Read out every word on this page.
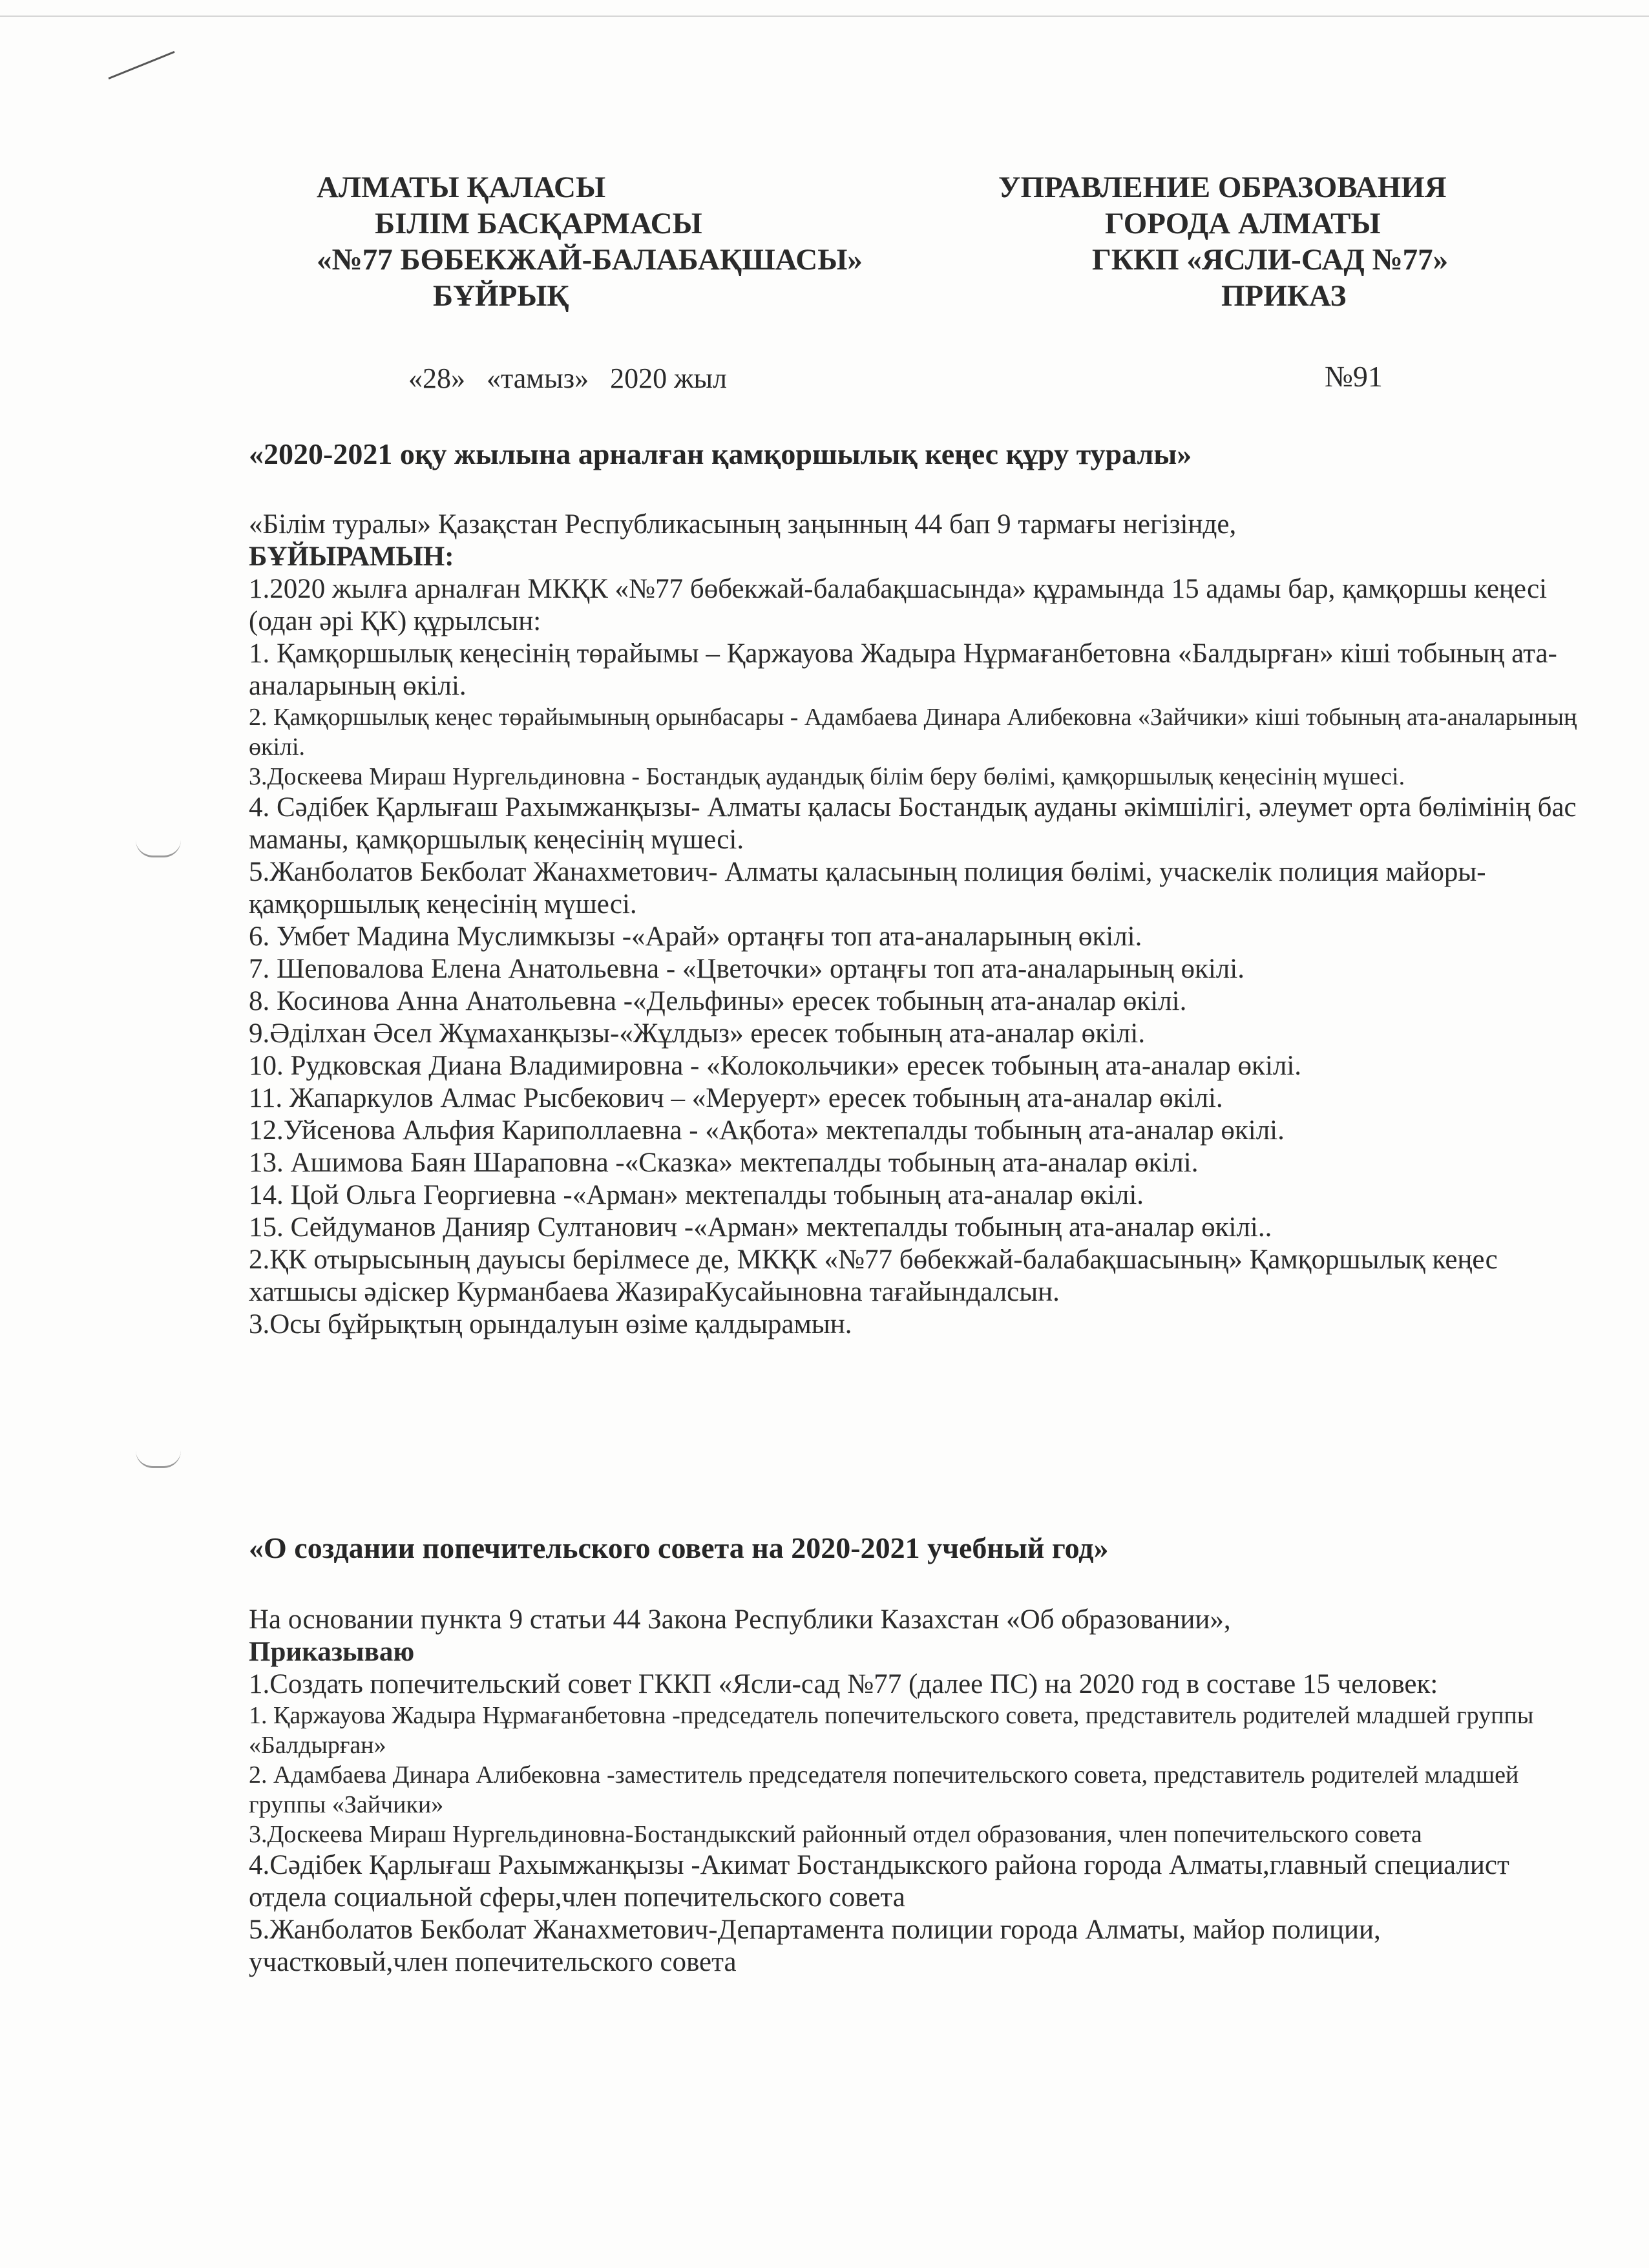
АЛМАТЫ ҚАЛАСЫ
БІЛІМ БАСҚАРМАСЫ
«№77 БӨБЕКЖАЙ-БАЛАБАҚШАСЫ»
БҰЙРЫҚ
УПРАВЛЕНИЕ ОБРАЗОВАНИЯ
ГОРОДА АЛМАТЫ
ГККП «ЯСЛИ-САД №77»
ПРИКАЗ
«28»   «тамыз»   2020 жыл	№91
«2020-2021 оқу жылына арналған қамқоршылық кеңес құру туралы»
«Білім туралы» Қазақстан Республикасының заңынның 44 бап 9 тармағы негізінде,
БҰЙЫРАМЫН:
1.2020 жылға арналған МКҚК «№77 бөбекжай-балабақшасында» құрамында 15 адамы бар, қамқоршы кеңесі (одан әрі ҚК) құрылсын:
1. Қамқоршылық кеңесінің төрайымы – Қаржауова Жадыра Нұрмағанбетовна «Балдырған» кіші тобының ата-аналарының өкілі.
2. Қамқоршылық кеңес төрайымының орынбасары - Адамбаева Динара Алибековна «Зайчики» кіші тобының ата-аналарының өкілі.
3.Доскеева Мираш Нургельдиновна - Бостандық аудандық білім беру бөлімі, қамқоршылық кеңесінің мүшесі.
4. Сәдібек Қарлығаш Рахымжанқызы- Алматы қаласы Бостандық ауданы әкімшілігі, әлеумет орта бөлімінің бас маманы, қамқоршылық кеңесінің мүшесі.
5.Жанболатов Бекболат Жанахметович- Алматы қаласының полиция бөлімі, учаскелік полиция майоры-қамқоршылық кеңесінің мүшесі.
6. Умбет Мадина Муслимкызы -«Арай» ортаңғы топ ата-аналарының өкілі.
7. Шеповалова Елена Анатольевна - «Цветочки» ортаңғы топ ата-аналарының өкілі.
8. Косинова Анна Анатольевна -«Дельфины» ересек тобының ата-аналар өкілі.
9.Әділхан Әсел Жұмаханқызы-«Жұлдыз» ересек тобының ата-аналар өкілі.
10. Рудковская Диана Владимировна - «Колокольчики» ересек тобының ата-аналар өкілі.
11. Жапаркулов Алмас Рысбекович – «Меруерт» ересек тобының ата-аналар өкілі.
12.Уйсенова Альфия Кариполлаевна - «Ақбота» мектепалды тобының ата-аналар өкілі.
13. Ашимова Баян Шараповна -«Сказка» мектепалды тобының ата-аналар өкілі.
14. Цой Ольга Георгиевна -«Арман» мектепалды тобының ата-аналар өкілі.
15. Сейдуманов Данияр Султанович -«Арман» мектепалды тобының ата-аналар өкілі..
2.ҚК отырысының дауысы берілмесе де, МКҚК «№77 бөбекжай-балабақшасының» Қамқоршылық кеңес хатшысы әдіскер Курманбаева ЖазираКусайыновна тағайындалсын.
3.Осы бұйрықтың орындалуын өзіме қалдырамын.
«О создании попечительского совета на 2020-2021 учебный год»
На основании пункта 9 статьи 44 Закона Республики Казахстан «Об образовании»,
Приказываю
1.Создать попечительский совет ГККП «Ясли-сад №77 (далее ПС) на 2020 год в составе 15 человек:
1. Қаржауова Жадыра Нұрмағанбетовна -председатель попечительского совета, представитель родителей младшей группы «Балдырған»
2. Адамбаева Динара Алибековна -заместитель председателя попечительского совета, представитель родителей младшей группы «Зайчики»
3.Доскеева Мираш Нургельдиновна-Бостандыкский районный отдел образования, член попечительского совета
4.Сәдібек Қарлығаш Рахымжанқызы -Акимат Бостандыкского района города Алматы,главный специалист отдела социальной сферы,член попечительского совета
5.Жанболатов Бекболат Жанахметович-Департамента полиции города Алматы, майор полиции, участковый,член попечительского совета
